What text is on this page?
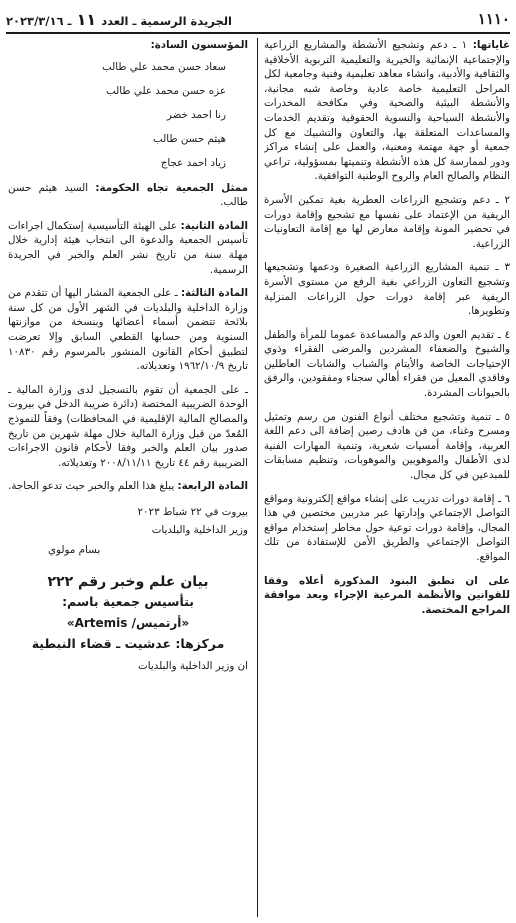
١١١٠
الجريدة الرسمية ـ العدد ١١ ـ ٢٠٢٣/٣/١٦

غاياتها: ١ ـ دعم وتشجيع الأنشطة والمشاريع الزراعية والإجتماعية الإنمائية والخيرية والتعليمية التربوية الأخلاقية والثقافية والأدبية، وانشاء معاهد تعليمية وفنية وجامعية لكل المراحل التعليمية خاصة عادية وخاصة شبه مجانية، والأنشطة البيئية والصحية وفي مكافحة المخدرات والأنشطة السياحية والنسوية الحقوقية وتقديم الخدمات والمساعدات المتعلقة بها، والتعاون والتشبيك مع كل جمعية أو جهة مهتمة ومعنية، والعمل على إنشاء مراكز ودور لممارسة كل هذه الأنشطة وتنميتها بمسؤولية، تراعي النظام والصالح العام والروح الوطنية التوافقية.

٢ ـ دعم وتشجيع الزراعات العطرية بغية تمكين الأسرة الريفية من الإعتماد على نفسها مع تشجيع وإقامة دورات في تحضير المونة وإقامة معارض لها مع إقامة التعاونيات الزراعية.

٣ ـ تنمية المشاريع الزراعية الصغيرة ودعمها وتشجيعها وتشجيع التعاون الزراعي بغية الرفع من مستوى الأسرة الريفية عبر إقامة دورات حول الزراعات المنزلية وتطويرها.

٤ ـ تقديم العون والدعم والمساعدة عموما للمرأة والطفل والشيوخ والضعفاء المشردين والمرضى الفقراء وذوي الإحتياجات الخاصة والأيتام والشباب والشابات العاطلين وفاقدي المعيل من فقراء أهالي سجناء ومفقودين، والرفق بالحيوانات المشردة.

٥ ـ تنمية وتشجيع مختلف أنواع الفنون من رسم وتمثيل ومسرح وغناء، من فن هادف رصين إضافة الى دعم اللغة العربية، وإقامة أمسيات شعرية، وتنمية المهارات الفنية لدى الأطفال والموهوبين والموهوبات، وتنظيم مسابقات للمبدعين في كل مجال.

٦ ـ إقامة دورات تدريب على إنشاء مواقع إلكترونية ومواقع التواصل الإجتماعي وإدارتها عبر مدربين مختصين في هذا المجال، وإقامة دورات توعية حول مخاطر إستخدام مواقع التواصل الإجتماعي والطريق الأمن للإستفادة من تلك المواقع.

على ان تطبق البنود المذكورة أعلاه وفقا للقوانين والأنظمة المرعية الإجراء وبعد موافقة المراجع المختصة.

المؤسسون السادة:
سعاد حسن محمد علي طالب
عزه حسن محمد علي طالب
رنا احمد خضر
هيثم حسن طالب
زياد احمد عجاج

ممثل الجمعية تجاه الحكومة: السيد هيثم حسن طالب.

المادة الثانية: على الهيئة التأسيسية إستكمال اجراءات تأسيس الجمعية والدعوة الى انتخاب هيئة إدارية خلال مهلة سنة من تاريخ نشر العلم والخبر في الجريدة الرسمية.

المادة الثالثة: ـ على الجمعية المشار اليها أن تتقدم من وزارة الداخلية والبلديات في الشهر الأول من كل سنة بلائحة تتضمن أسماء أعضائها وبنسخة من موازنتها السنوية ومن حسابها القطعي السابق وإلا تعرضت لتطبيق أحكام القانون المنشور بالمرسوم رقم ١٠٨٣٠ تاريخ ١٩٦٢/١٠/٩ وتعديلاته.

ـ على الجمعية أن تقوم بالتسجيل لدى وزارة المالية ـ الوحدة الضريبية المختصة (دائرة ضريبة الدخل في بيروت والمصالح المالية الإقليمية في المحافظات) وفقاً للنموذج المُعدّ من قبل وزارة المالية خلال مهلة شهرين من تاريخ صدور بيان العلم والخبر وفقا لأحكام قانون الاجراءات الضريبية رقم ٤٤ تاريخ ٢٠٠٨/١١/١١ وتعديلاته.

المادة الرابعة: يبلغ هذا العلم والخبر حيث تدعو الحاجة.

بيروت في ٢٢ شباط ٢٠٢٣

وزير الداخلية والبلديات

بسام مولوي

بيان علم وخبر رقم ٢٢٢

بتأسيس جمعية باسم:

«أرتميس/ Artemis»

مركزها: عدشيت ـ قضاء النبطية

ان وزير الداخلية والبلديات
